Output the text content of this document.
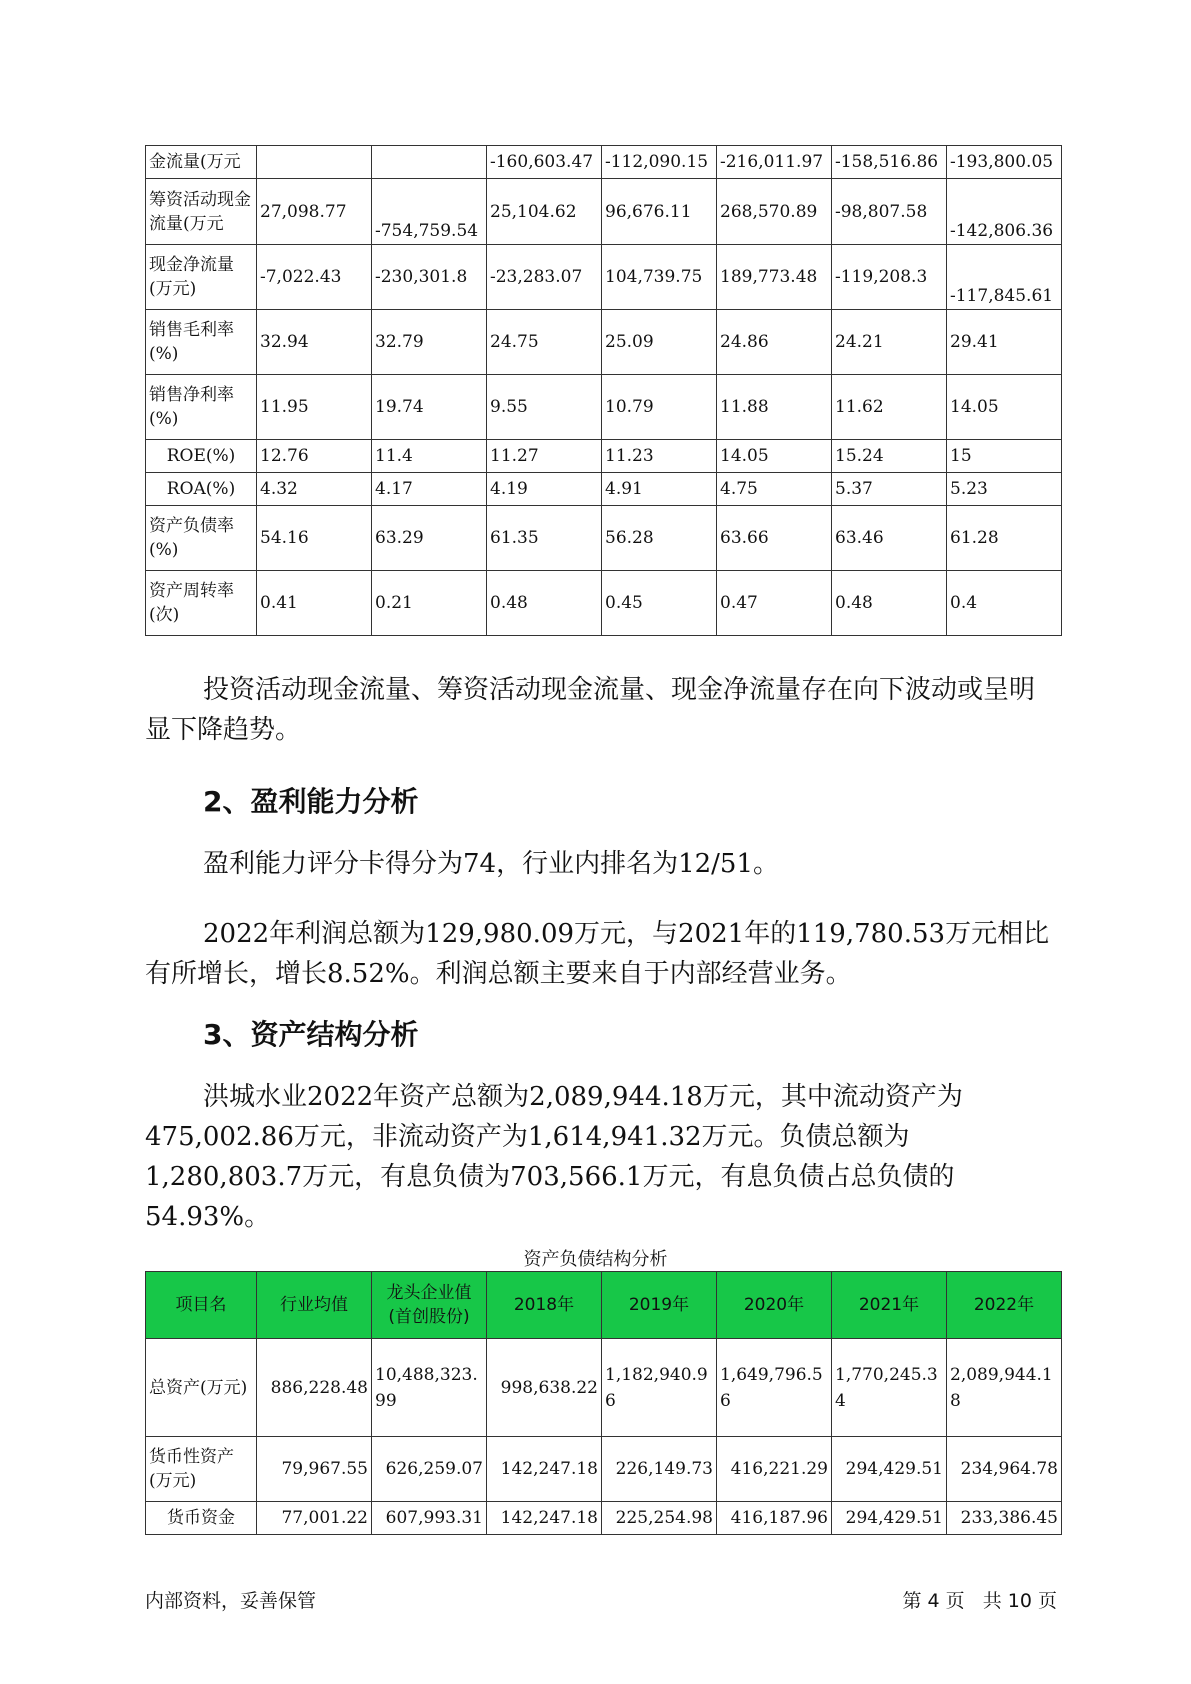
金流量(万元			-160,603.47	-112,090.15	-216,011.97	-158,516.86	-193,800.05
筹资活动现金流量(万元	27,098.77	-754,759.54	25,104.62	96,676.11	268,570.89	-98,807.58	-142,806.36
现金净流量(万元)	-7,022.43	-230,301.8	-23,283.07	104,739.75	189,773.48	-119,208.3	-117,845.61
销售毛利率(%)	32.94	32.79	24.75	25.09	24.86	24.21	29.41
销售净利率(%)	11.95	19.74	9.55	10.79	11.88	11.62	14.05
ROE(%)	12.76	11.4	11.27	11.23	14.05	15.24	15
ROA(%)	4.32	4.17	4.19	4.91	4.75	5.37	5.23
资产负债率(%)	54.16	63.29	61.35	56.28	63.66	63.46	61.28
资产周转率(次)	0.41	0.21	0.48	0.45	0.47	0.48	0.4

投资活动现金流量、筹资活动现金流量、现金净流量存在向下波动或呈明显下降趋势。

2、盈利能力分析

盈利能力评分卡得分为74，行业内排名为12/51。

2022年利润总额为129,980.09万元，与2021年的119,780.53万元相比有所增长，增长8.52%。利润总额主要来自于内部经营业务。

3、资产结构分析

洪城水业2022年资产总额为2,089,944.18万元，其中流动资产为475,002.86万元，非流动资产为1,614,941.32万元。负债总额为1,280,803.7万元，有息负债为703,566.1万元，有息负债占总负债的54.93%。

资产负债结构分析
项目名	行业均值	龙头企业值(首创股份)	2018年	2019年	2020年	2021年	2022年
总资产(万元)	886,228.48	10,488,323.99	998,638.22	1,182,940.96	1,649,796.56	1,770,245.34	2,089,944.18
货币性资产(万元)	79,967.55	626,259.07	142,247.18	226,149.73	416,221.29	294,429.51	234,964.78
货币资金	77,001.22	607,993.31	142,247.18	225,254.98	416,187.96	294,429.51	233,386.45
内部资料，妥善保管	第 4 页   共 10 页
